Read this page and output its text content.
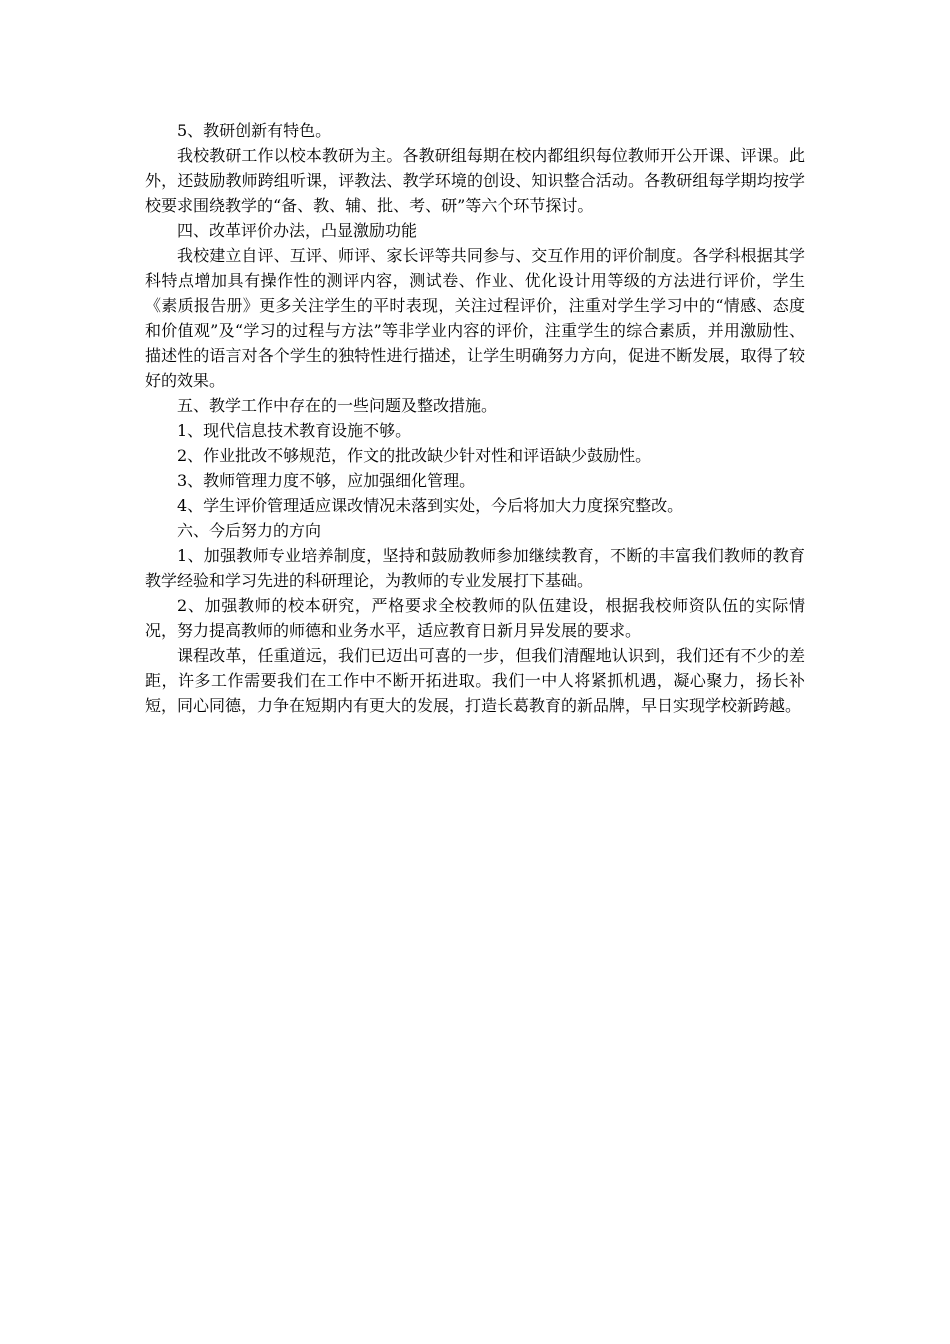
5、教研创新有特色。

我校教研工作以校本教研为主。各教研组每期在校内都组织每位教师开公开课、评课。此外，还鼓励教师跨组听课，评教法、教学环境的创设、知识整合活动。各教研组每学期均按学校要求围绕教学的“备、教、辅、批、考、研”等六个环节探讨。

四、改革评价办法，凸显激励功能

我校建立自评、互评、师评、家长评等共同参与、交互作用的评价制度。各学科根据其学科特点增加具有操作性的测评内容，测试卷、作业、优化设计用等级的方法进行评价，学生《素质报告册》更多关注学生的平时表现，关注过程评价，注重对学生学习中的“情感、态度和价值观”及“学习的过程与方法”等非学业内容的评价，注重学生的综合素质，并用激励性、描述性的语言对各个学生的独特性进行描述，让学生明确努力方向，促进不断发展，取得了较好的效果。

五、教学工作中存在的一些问题及整改措施。

1、现代信息技术教育设施不够。

2、作业批改不够规范，作文的批改缺少针对性和评语缺少鼓励性。

3、教师管理力度不够，应加强细化管理。

4、学生评价管理适应课改情况未落到实处，今后将加大力度探究整改。

六、今后努力的方向

1、加强教师专业培养制度，坚持和鼓励教师参加继续教育，不断的丰富我们教师的教育教学经验和学习先进的科研理论，为教师的专业发展打下基础。

2、加强教师的校本研究，严格要求全校教师的队伍建设，根据我校师资队伍的实际情况，努力提高教师的师德和业务水平，适应教育日新月异发展的要求。

课程改革，任重道远，我们已迈出可喜的一步，但我们清醒地认识到，我们还有不少的差距，许多工作需要我们在工作中不断开拓进取。我们一中人将紧抓机遇，凝心聚力，扬长补短，同心同德，力争在短期内有更大的发展，打造长葛教育的新品牌，早日实现学校新跨越。
